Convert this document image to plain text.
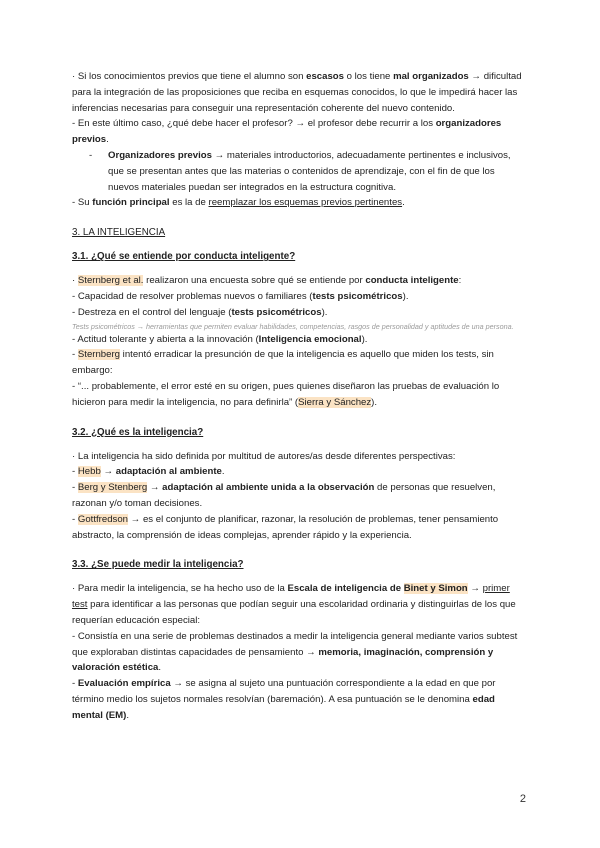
· Si los conocimientos previos que tiene el alumno son escasos o los tiene mal organizados → dificultad para la integración de las proposiciones que reciba en esquemas conocidos, lo que le impedirá hacer las inferencias necesarias para conseguir una representación coherente del nuevo contenido.

- En este último caso, ¿qué debe hacer el profesor? → el profesor debe recurrir a los organizadores previos.

- Organizadores previos → materiales introductorios, adecuadamente pertinentes e inclusivos, que se presentan antes que las materias o contenidos de aprendizaje, con el fin de que los nuevos materiales puedan ser integrados en la estructura cognitiva.

- Su función principal es la de reemplazar los esquemas previos pertinentes.

3. LA INTELIGENCIA
3.1. ¿Qué se entiende por conducta inteligente?

· Sternberg et al. realizaron una encuesta sobre qué se entiende por conducta inteligente:

- Capacidad de resolver problemas nuevos o familiares (tests psicométricos).

- Destreza en el control del lenguaje (tests psicométricos).

Tests psicométricos → herramientas que permiten evaluar habilidades, competencias, rasgos de personalidad y aptitudes de una persona.

- Actitud tolerante y abierta a la innovación (Inteligencia emocional).

- Sternberg intentó erradicar la presunción de que la inteligencia es aquello que miden los tests, sin embargo:

- “... probablemente, el error esté en su origen, pues quienes diseñaron las pruebas de evaluación lo hicieron para medir la inteligencia, no para definirla” (Sierra y Sánchez).

3.2. ¿Qué es la inteligencia?

· La inteligencia ha sido definida por multitud de autores/as desde diferentes perspectivas:

- Hebb → adaptación al ambiente.

- Berg y Stenberg → adaptación al ambiente unida a la observación de personas que resuelven, razonan y/o toman decisiones.

- Gottfredson → es el conjunto de planificar, razonar, la resolución de problemas, tener pensamiento abstracto, la comprensión de ideas complejas, aprender rápido y la experiencia.

3.3. ¿Se puede medir la inteligencia?

· Para medir la inteligencia, se ha hecho uso de la Escala de inteligencia de Binet y Simon → primer test para identificar a las personas que podían seguir una escolaridad ordinaria y distinguirlas de los que requerían educación especial:

- Consistía en una serie de problemas destinados a medir la inteligencia general mediante varios subtest que exploraban distintas capacidades de pensamiento → memoria, imaginación, comprensión y valoración estética.

- Evaluación empírica → se asigna al sujeto una puntuación correspondiente a la edad en que por término medio los sujetos normales resolvían (baremación). A esa puntuación se le denomina edad mental (EM).

2
